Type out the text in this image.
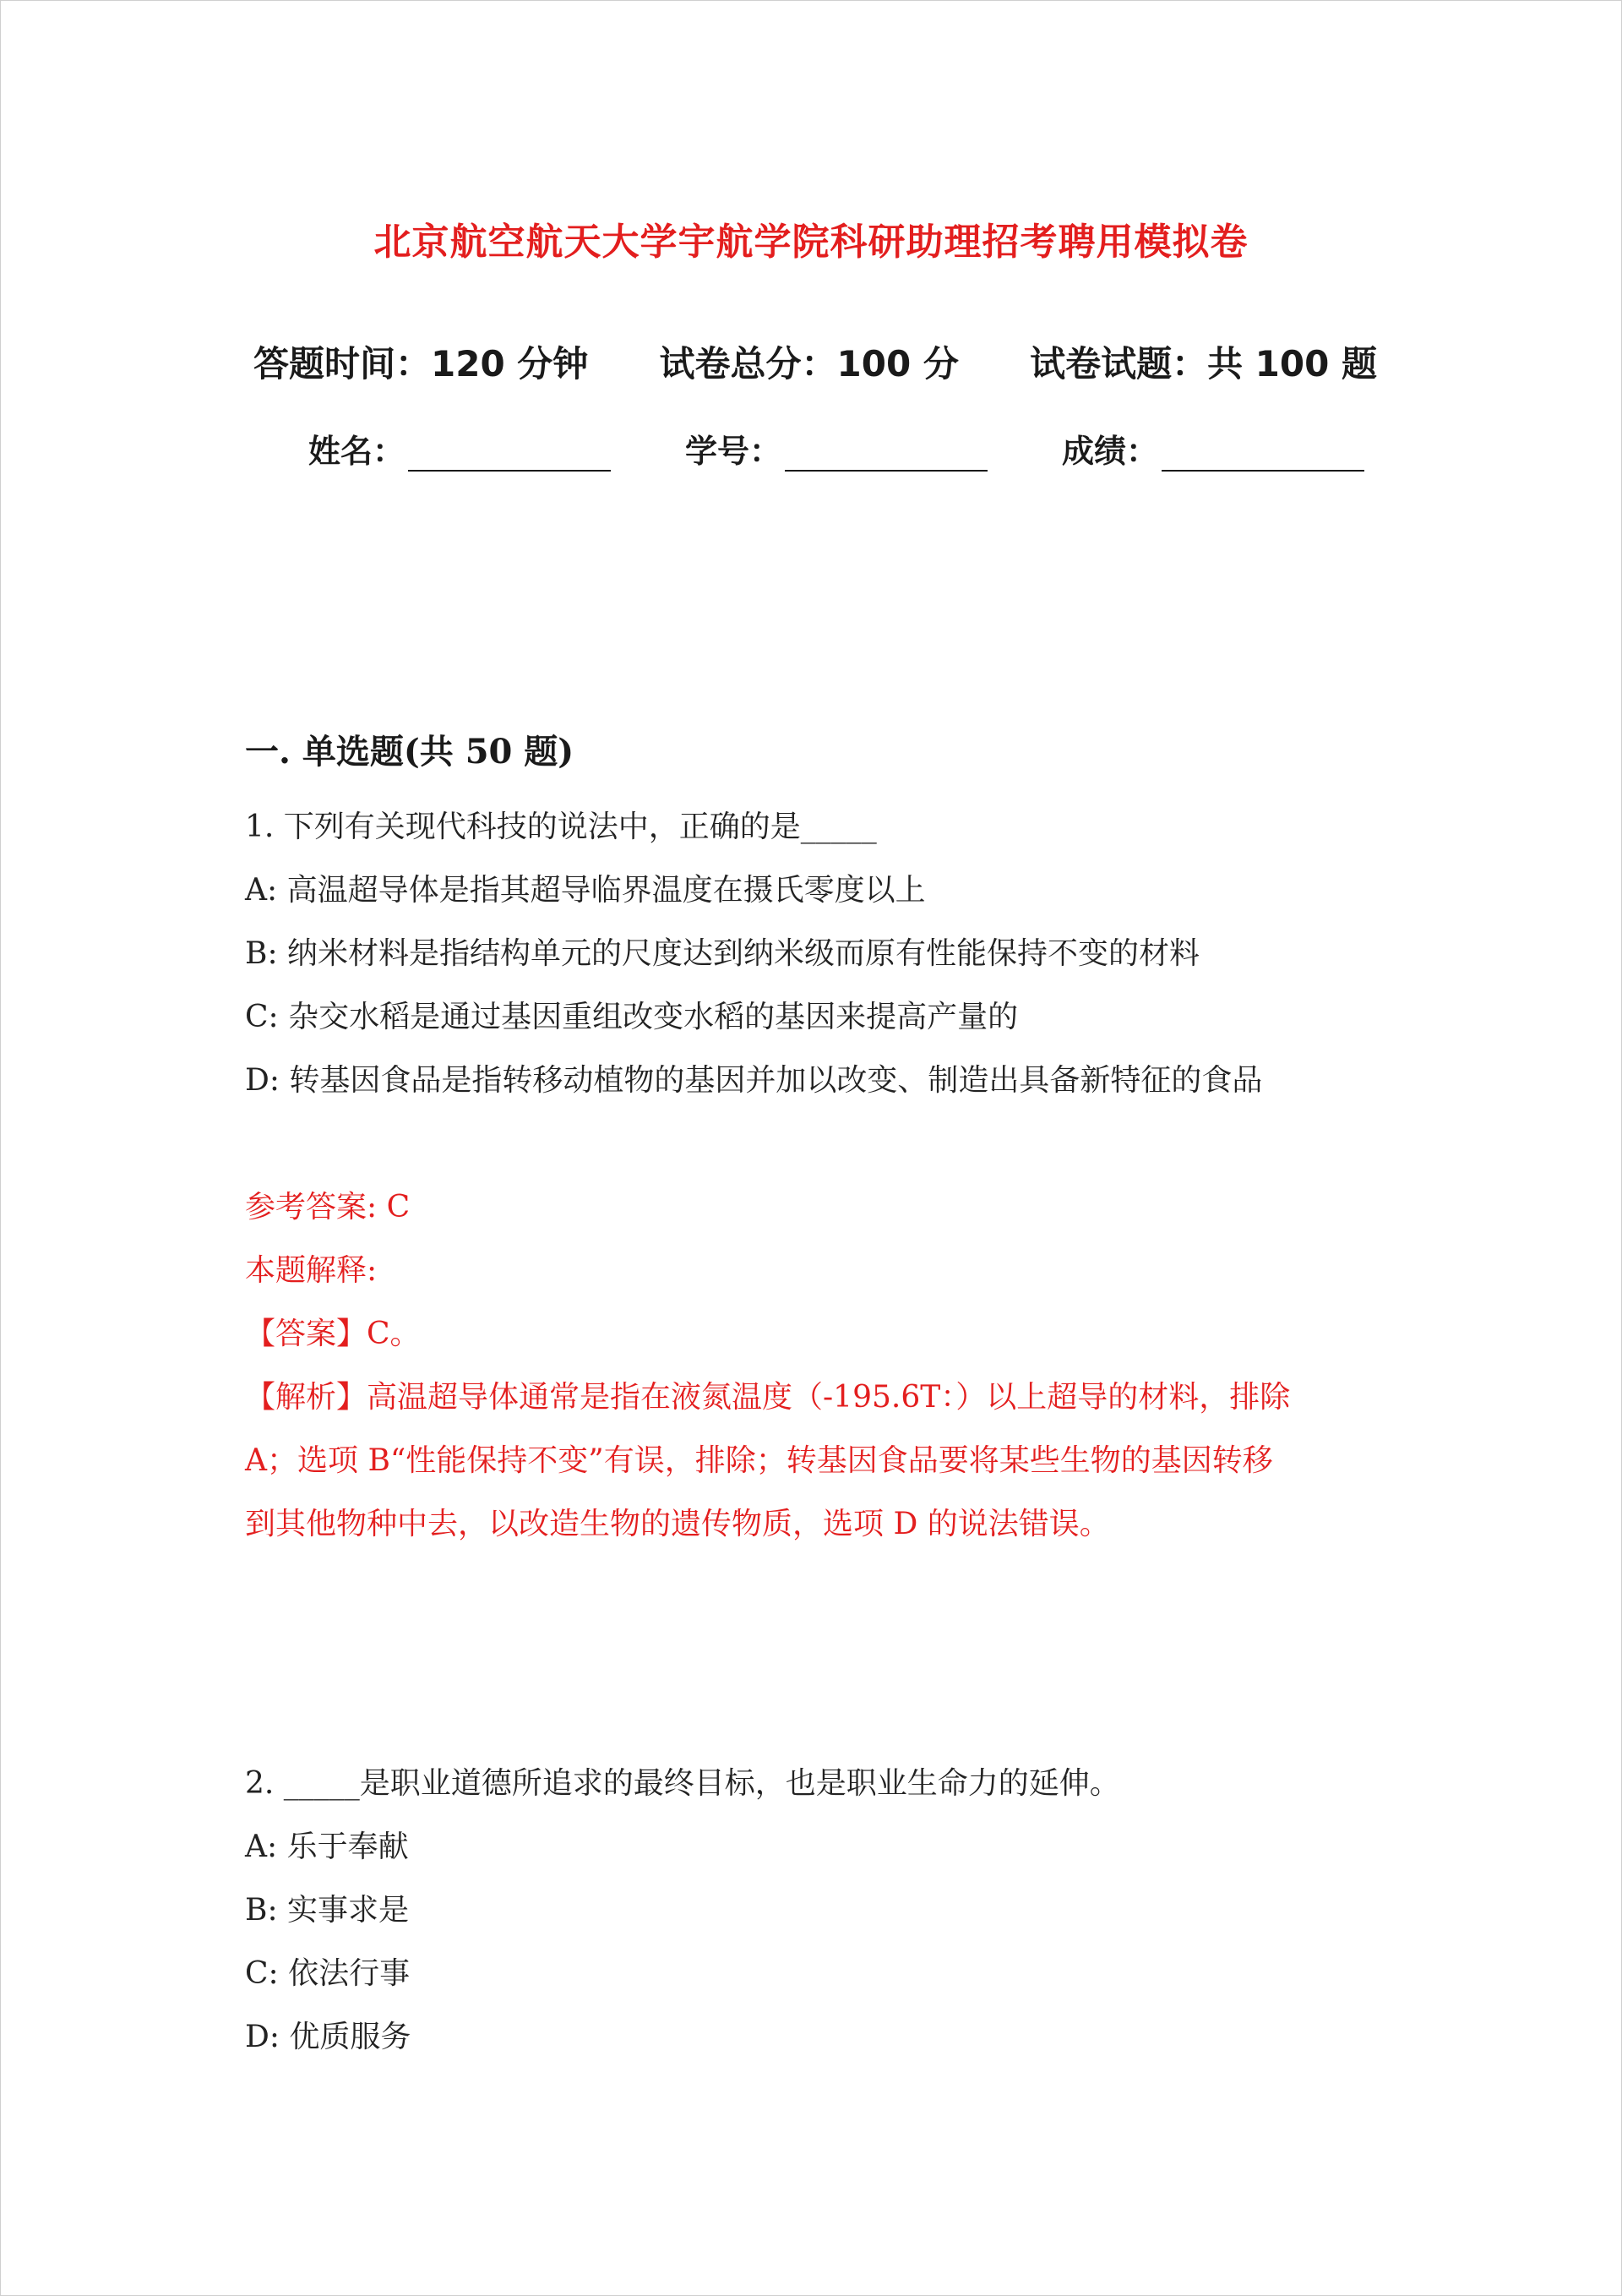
北京航空航天大学宇航学院科研助理招考聘用模拟卷
答题时间：120 分钟 试卷总分：100 分 试卷试题：共 100 题
姓名：	学号：	成绩：
一. 单选题(共 50 题)
1. 下列有关现代科技的说法中，正确的是_____
A: 高温超导体是指其超导临界温度在摄氏零度以上
B: 纳米材料是指结构单元的尺度达到纳米级而原有性能保持不变的材料
C: 杂交水稻是通过基因重组改变水稻的基因来提高产量的
D: 转基因食品是指转移动植物的基因并加以改变、制造出具备新特征的食品
参考答案: C
本题解释:
【答案】C。
【解析】高温超导体通常是指在液氮温度（-195.6T：）以上超导的材料，排除
A；选项 B“性能保持不变”有误，排除；转基因食品要将某些生物的基因转移
到其他物种中去，以改造生物的遗传物质，选项 D 的说法错误。
2. _____是职业道德所追求的最终目标，也是职业生命力的延伸。
A: 乐于奉献
B: 实事求是
C: 依法行事
D: 优质服务
